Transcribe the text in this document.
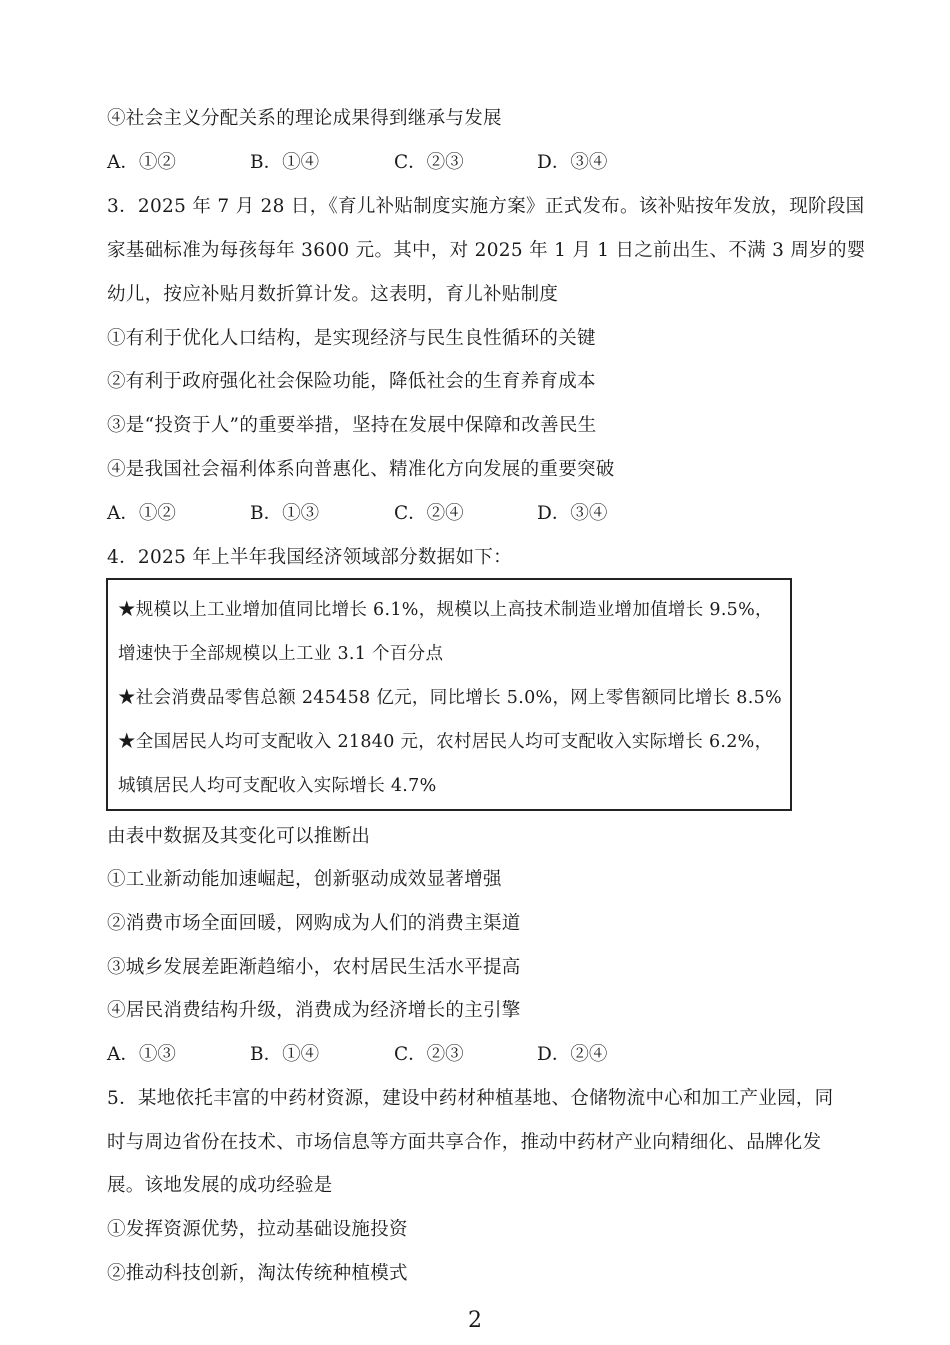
④社会主义分配关系的理论成果得到继承与发展
A．①②	B．①④	C．②③	D．③④
3．2025 年 7 月 28 日，《育儿补贴制度实施方案》正式发布。该补贴按年发放，现阶段国
家基础标准为每孩每年 3600 元。其中，对 2025 年 1 月 1 日之前出生、不满 3 周岁的婴
幼儿，按应补贴月数折算计发。这表明，育儿补贴制度
①有利于优化人口结构，是实现经济与民生良性循环的关键
②有利于政府强化社会保险功能，降低社会的生育养育成本
③是“投资于人”的重要举措，坚持在发展中保障和改善民生
④是我国社会福利体系向普惠化、精准化方向发展的重要突破
A．①②	B．①③	C．②④	D．③④
4．2025 年上半年我国经济领域部分数据如下：
★规模以上工业增加值同比增长 6.1%，规模以上高技术制造业增加值增长 9.5%，
增速快于全部规模以上工业 3.1 个百分点
★社会消费品零售总额 245458 亿元，同比增长 5.0%，网上零售额同比增长 8.5%
★全国居民人均可支配收入 21840 元，农村居民人均可支配收入实际增长 6.2%，
城镇居民人均可支配收入实际增长 4.7%
由表中数据及其变化可以推断出
①工业新动能加速崛起，创新驱动成效显著增强
②消费市场全面回暖，网购成为人们的消费主渠道
③城乡发展差距渐趋缩小，农村居民生活水平提高
④居民消费结构升级，消费成为经济增长的主引擎
A．①③	B．①④	C．②③	D．②④
5．某地依托丰富的中药材资源，建设中药材种植基地、仓储物流中心和加工产业园，同
时与周边省份在技术、市场信息等方面共享合作，推动中药材产业向精细化、品牌化发
展。该地发展的成功经验是
①发挥资源优势，拉动基础设施投资
②推动科技创新，淘汰传统种植模式
2
